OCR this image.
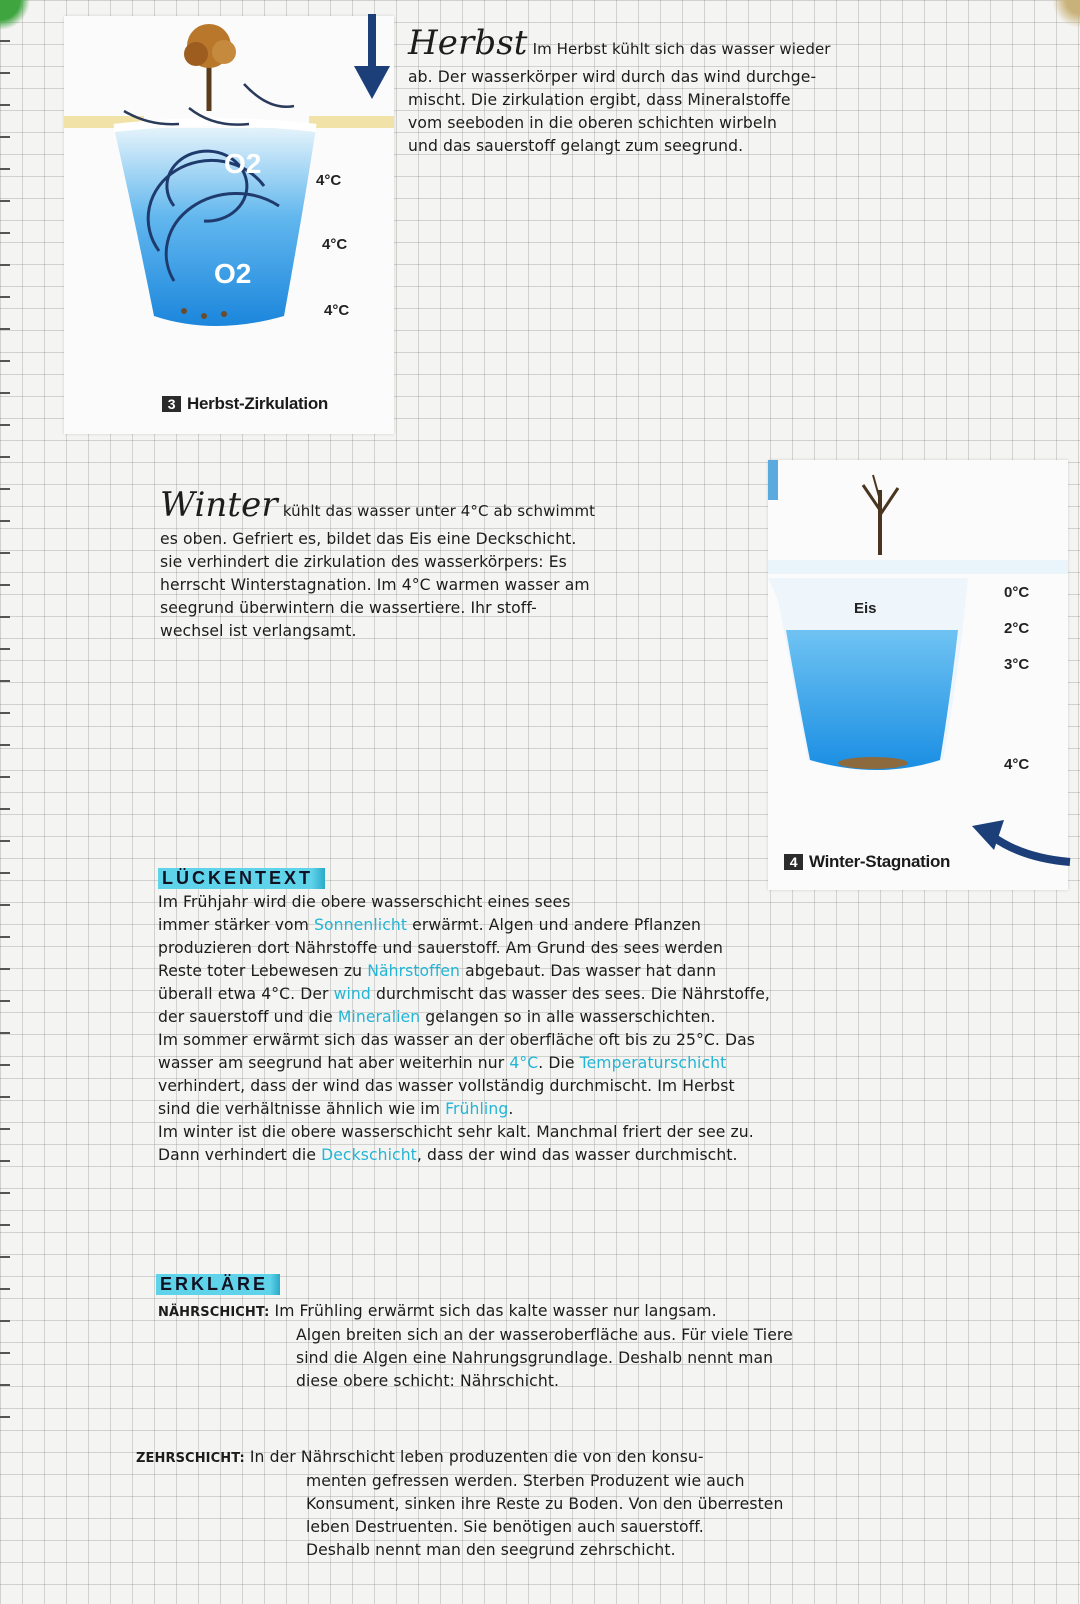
O2
O2
4°C
4°C
4°C
3 Herbst-Zirkulation
Herbst Im Herbst kühlt sich das wasser wieder
ab. Der wasserkörper wird durch das wind durchge-
mischt. Die zirkulation ergibt, dass Mineralstoffe
vom seeboden in die oberen schichten wirbeln
und das sauerstoff gelangt zum seegrund.
Winter kühlt das wasser unter 4°C ab schwimmt
es oben. Gefriert es, bildet das Eis eine Deckschicht.
sie verhindert die zirkulation des wasserkörpers: Es
herrscht Winterstagnation. Im 4°C warmen wasser am
seegrund überwintern die wassertiere. Ihr stoff-
wechsel ist verlangsamt.
Eis
0°C
2°C
3°C
4°C
4 Winter-Stagnation
LÜCKENTEXT
Im Frühjahr wird die obere wasserschicht eines sees
immer stärker vom Sonnenlicht erwärmt. Algen und andere Pflanzen
produzieren dort Nährstoffe und sauerstoff. Am Grund des sees werden
Reste toter Lebewesen zu Nährstoffen abgebaut. Das wasser hat dann
überall etwa 4°C. Der wind durchmischt das wasser des sees. Die Nährstoffe,
der sauerstoff und die Mineralien gelangen so in alle wasserschichten.
Im sommer erwärmt sich das wasser an der oberfläche oft bis zu 25°C. Das
wasser am seegrund hat aber weiterhin nur 4°C. Die Temperaturschicht
verhindert, dass der wind das wasser vollständig durchmischt. Im Herbst
sind die verhältnisse ähnlich wie im Frühling.
Im winter ist die obere wasserschicht sehr kalt. Manchmal friert der see zu.
Dann verhindert die Deckschicht, dass der wind das wasser durchmischt.
ERKLÄRE
NÄHRSCHICHT: Im Frühling erwärmt sich das kalte wasser nur langsam.
Algen breiten sich an der wasseroberfläche aus. Für viele Tiere
sind die Algen eine Nahrungsgrundlage. Deshalb nennt man
diese obere schicht: Nährschicht.
ZEHRSCHICHT: In der Nährschicht leben produzenten die von den konsu-
menten gefressen werden. Sterben Produzent wie auch
Konsument, sinken ihre Reste zu Boden. Von den überresten
leben Destruenten. Sie benötigen auch sauerstoff.
Deshalb nennt man den seegrund zehrschicht.
